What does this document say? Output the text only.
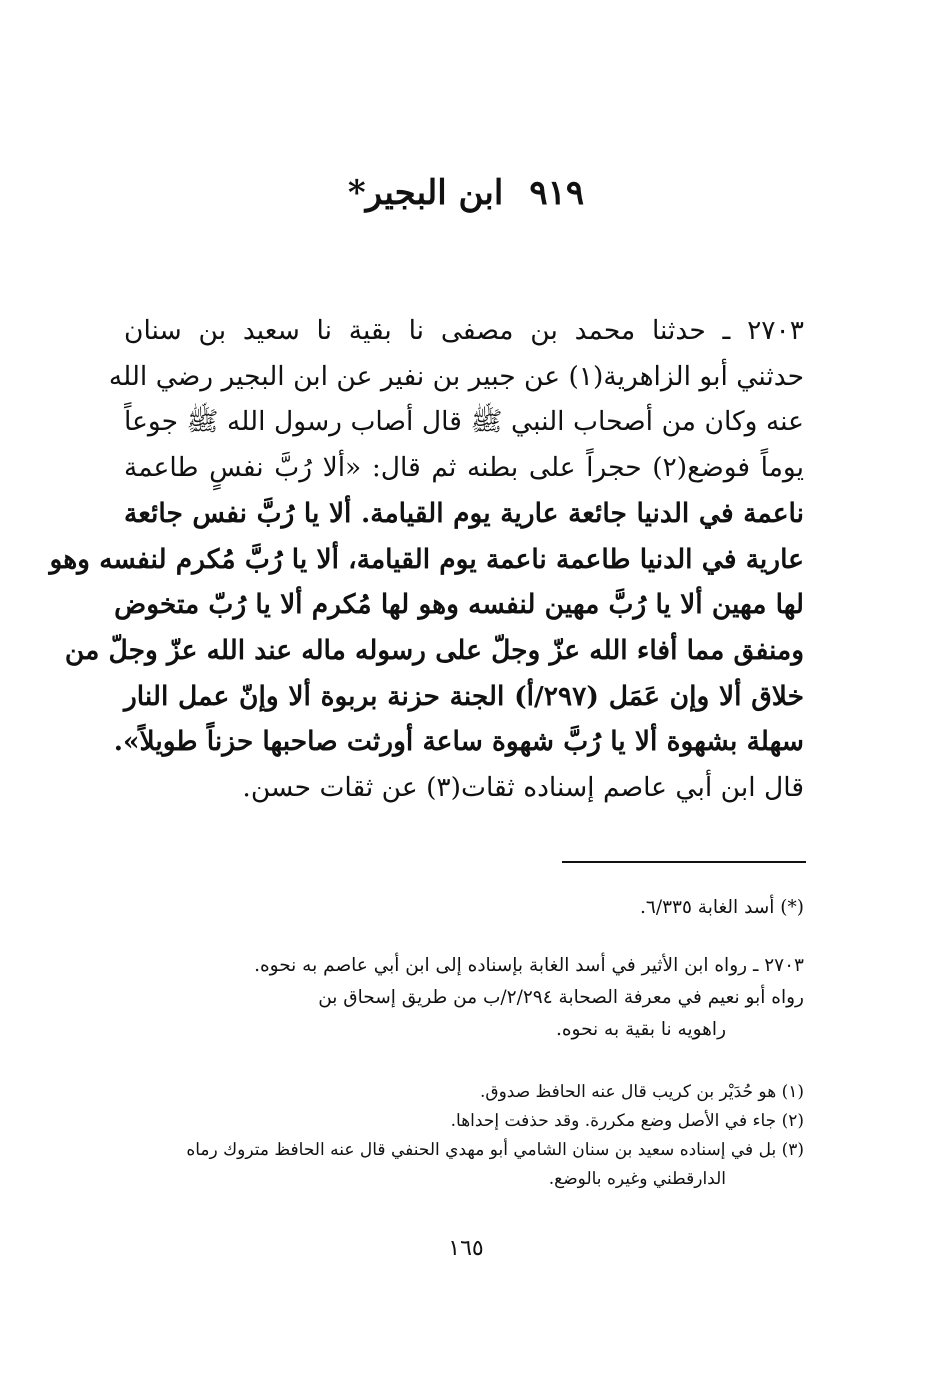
٩١٩ابن البجير*
٢٧٠٣ ـ حدثنا محمد بن مصفى نا بقية نا سعيد بن سنان
حدثني أبو الزاهرية(١) عن جبير بن نفير عن ابن البجير رضي الله
عنه وكان من أصحاب النبي ﷺ قال أصاب رسول الله ﷺ جوعاً
يوماً فوضع(٢) حجراً على بطنه ثم قال: «ألا رُبَّ نفسٍ طاعمة
ناعمة في الدنيا جائعة عارية يوم القيامة. ألا يا رُبَّ نفس جائعة
عارية في الدنيا طاعمة ناعمة يوم القيامة، ألا يا رُبَّ مُكرم لنفسه وهو
لها مهين ألا يا رُبَّ مهين لنفسه وهو لها مُكرم ألا يا رُبّ متخوض
ومنفق مما أفاء الله عزّ وجلّ على رسوله ماله عند الله عزّ وجلّ من
خلاق ألا وإن عَمَل (٢٩٧/أ) الجنة حزنة بربوة ألا وإنّ عمل النار
سهلة بشهوة ألا يا رُبَّ شهوة ساعة أورثت صاحبها حزناً طويلاً».
قال ابن أبي عاصم إسناده ثقات(٣) عن ثقات حسن.
(*) أسد الغابة ٦/٣٣٥.
٢٧٠٣ ـ رواه ابن الأثير في أسد الغابة بإسناده إلى ابن أبي عاصم به نحوه.
رواه أبو نعيم في معرفة الصحابة ٢/٢٩٤/ب من طريق إسحاق بن
راهويه نا بقية به نحوه.
(١) هو حُدَيْر بن كريب قال عنه الحافظ صدوق.
(٢) جاء في الأصل وضع مكررة. وقد حذفت إحداها.
(٣) بل في إسناده سعيد بن سنان الشامي أبو مهدي الحنفي قال عنه الحافظ متروك رماه
الدارقطني وغيره بالوضع.
١٦٥
